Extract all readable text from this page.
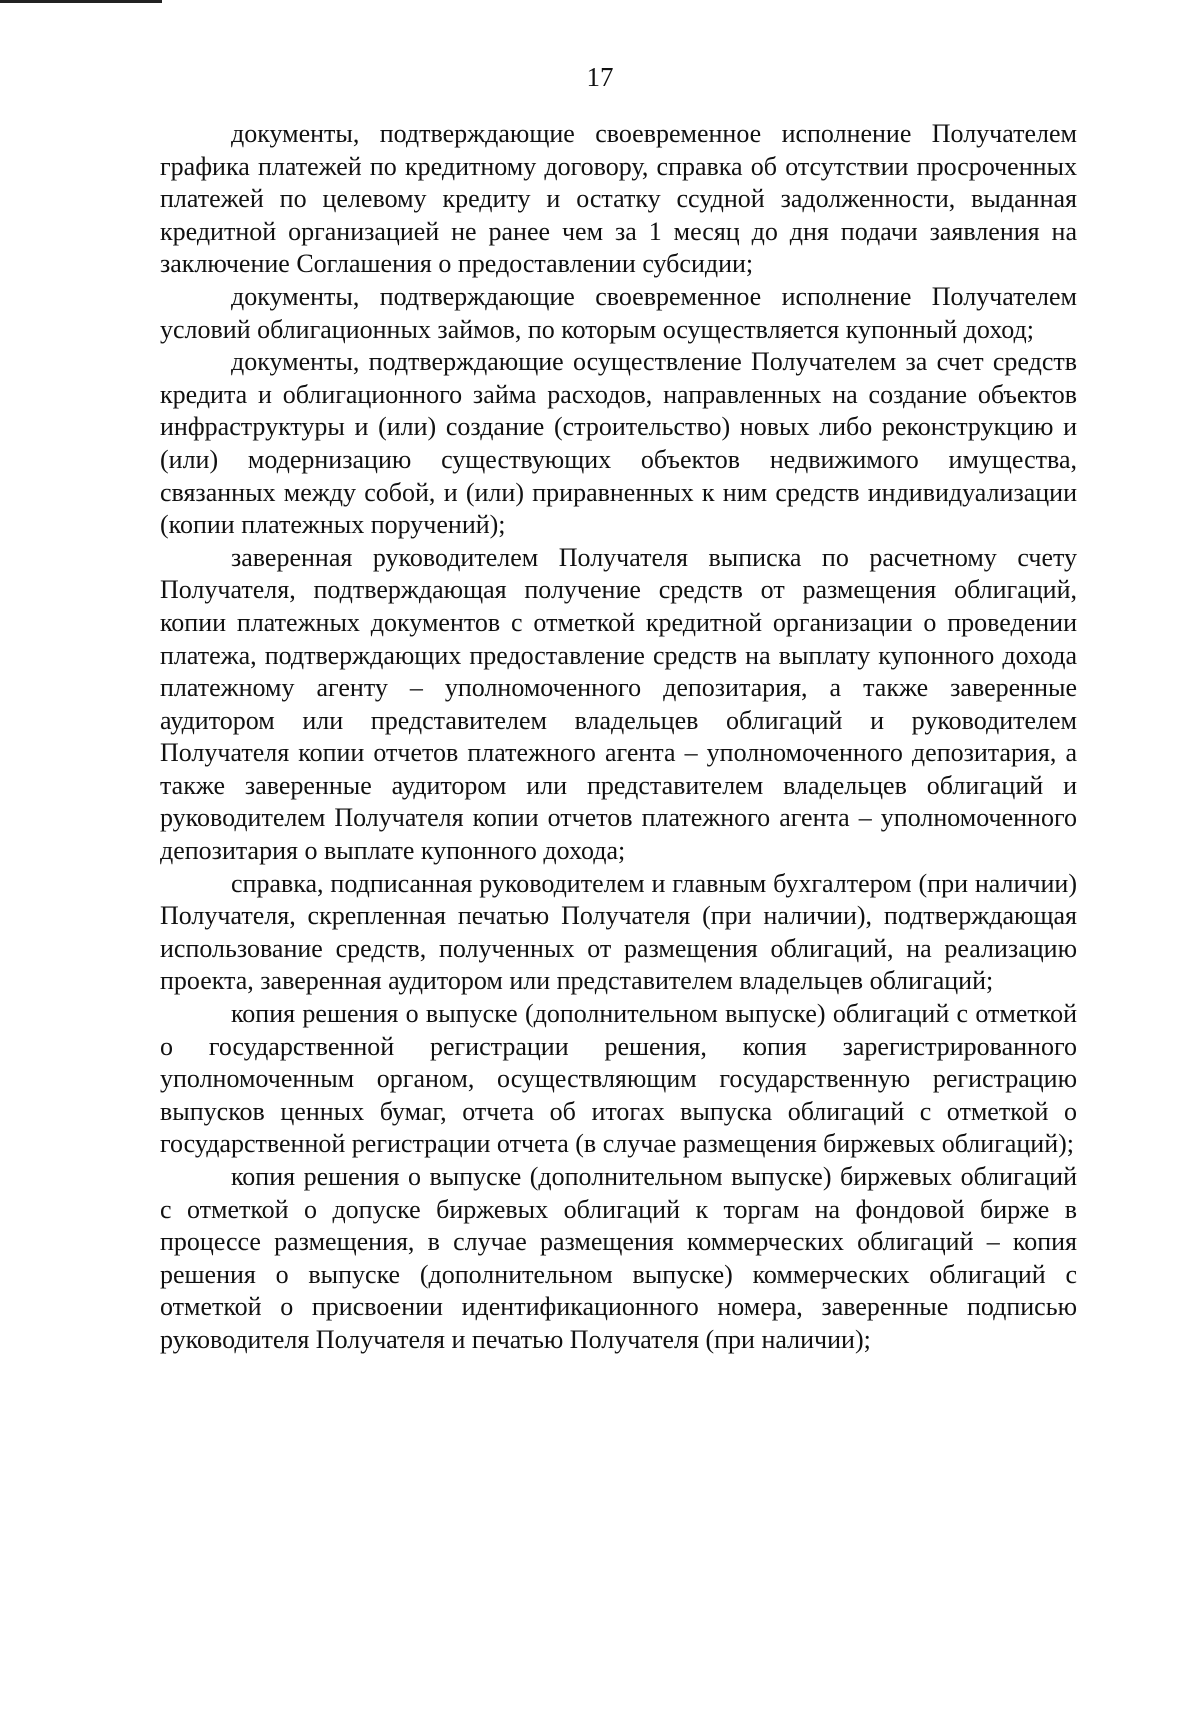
17

документы, подтверждающие своевременное исполнение Получателем графика платежей по кредитному договору, справка об отсутствии просроченных платежей по целевому кредиту и остатку ссудной задолженности, выданная кредитной организацией не ранее чем за 1 месяц до дня подачи заявления на заключение Соглашения о предоставлении субсидии;

документы, подтверждающие своевременное исполнение Получателем условий облигационных займов, по которым осуществляется купонный доход;

документы, подтверждающие осуществление Получателем за счет средств кредита и облигационного займа расходов, направленных на создание объектов инфраструктуры и (или) создание (строительство) новых либо реконструкцию и (или) модернизацию существующих объектов недвижимого имущества, связанных между собой, и (или) приравненных к ним средств индивидуализации (копии платежных поручений);

заверенная руководителем Получателя выписка по расчетному счету Получателя, подтверждающая получение средств от размещения облигаций, копии платежных документов с отметкой кредитной организации о проведении платежа, подтверждающих предоставление средств на выплату купонного дохода платежному агенту – уполномоченного депозитария, а также заверенные аудитором или представителем владельцев облигаций и руководителем Получателя копии отчетов платежного агента – уполномоченного депозитария, а также заверенные аудитором или представителем владельцев облигаций и руководителем Получателя копии отчетов платежного агента – уполномоченного депозитария о выплате купонного дохода;

справка, подписанная руководителем и главным бухгалтером (при наличии) Получателя, скрепленная печатью Получателя (при наличии), подтверждающая использование средств, полученных от размещения облигаций, на реализацию проекта, заверенная аудитором или представителем владельцев облигаций;

копия решения о выпуске (дополнительном выпуске) облигаций с отметкой о государственной регистрации решения, копия зарегистрированного уполномоченным органом, осуществляющим государственную регистрацию выпусков ценных бумаг, отчета об итогах выпуска облигаций с отметкой о государственной регистрации отчета (в случае размещения биржевых облигаций);

копия решения о выпуске (дополнительном выпуске) биржевых облигаций с отметкой о допуске биржевых облигаций к торгам на фондовой бирже в процессе размещения, в случае размещения коммерческих облигаций – копия решения о выпуске (дополнительном выпуске) коммерческих облигаций с отметкой о присвоении идентификационного номера, заверенные подписью руководителя Получателя и печатью Получателя (при наличии);
